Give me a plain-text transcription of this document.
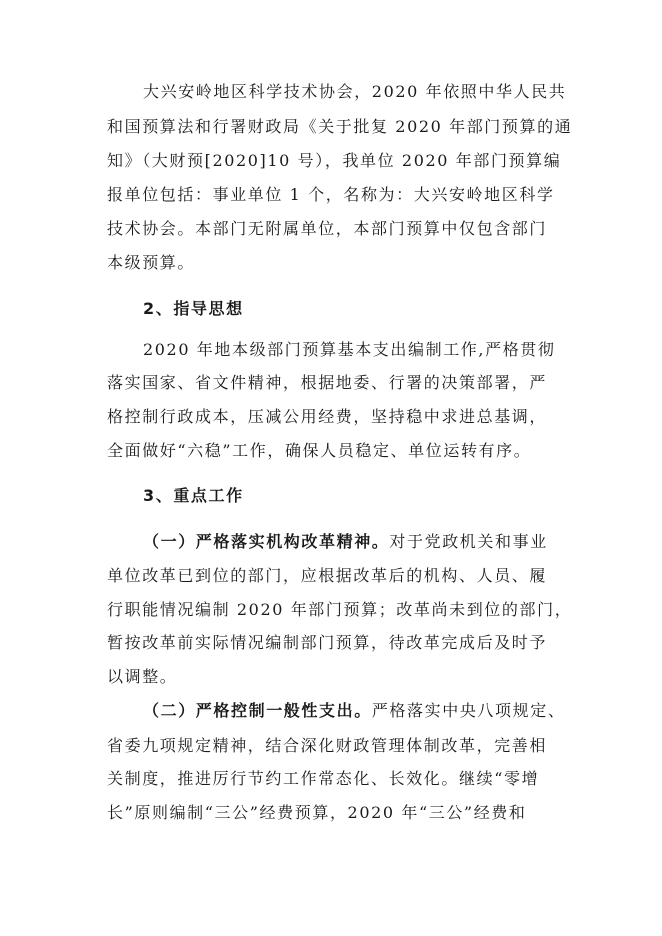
大兴安岭地区科学技术协会，2020 年依照中华人民共
和国预算法和行署财政局《关于批复 2020 年部门预算的通
知》（大财预[2020]10 号），我单位 2020 年部门预算编
报单位包括：事业单位 1 个，名称为：大兴安岭地区科学
技术协会。本部门无附属单位，本部门预算中仅包含部门
本级预算。
2、指导思想
2020 年地本级部门预算基本支出编制工作,严格贯彻
落实国家、省文件精神，根据地委、行署的决策部署，严
格控制行政成本，压减公用经费，坚持稳中求进总基调，
全面做好“六稳”工作，确保人员稳定、单位运转有序。
3、重点工作
（一）严格落实机构改革精神。对于党政机关和事业
单位改革已到位的部门，应根据改革后的机构、人员、履
行职能情况编制 2020 年部门预算；改革尚未到位的部门，
暂按改革前实际情况编制部门预算，待改革完成后及时予
以调整。
（二）严格控制一般性支出。严格落实中央八项规定、
省委九项规定精神，结合深化财政管理体制改革，完善相
关制度，推进厉行节约工作常态化、长效化。继续“零增
长”原则编制“三公”经费预算，2020 年“三公”经费和
